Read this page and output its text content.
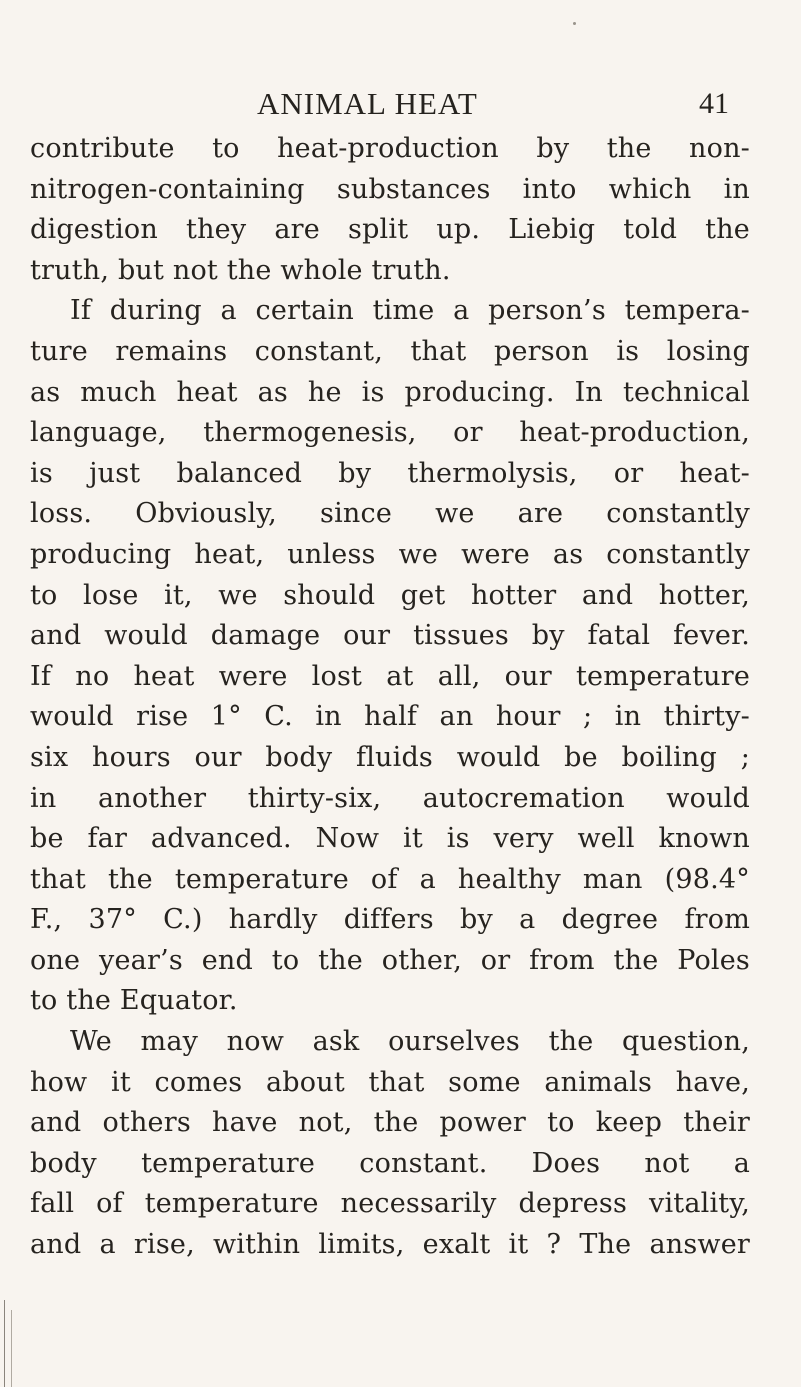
ANIMAL HEAT	41
contribute to heat-production by the non-
nitrogen-containing substances into which in
digestion they are split up. Liebig told the
truth, but not the whole truth.
If during a certain time a person’s tempera-
ture remains constant, that person is losing
as much heat as he is producing. In technical
language, thermogenesis, or heat-production,
is just balanced by thermolysis, or heat-
loss. Obviously, since we are constantly
producing heat, unless we were as constantly
to lose it, we should get hotter and hotter,
and would damage our tissues by fatal fever.
If no heat were lost at all, our temperature
would rise 1° C. in half an hour ; in thirty-
six hours our body fluids would be boiling ;
in another thirty-six, autocremation would
be far advanced. Now it is very well known
that the temperature of a healthy man (98.4°
F., 37° C.) hardly differs by a degree from
one year’s end to the other, or from the Poles
to the Equator.
We may now ask ourselves the question,
how it comes about that some animals have,
and others have not, the power to keep their
body temperature constant. Does not a
fall of temperature necessarily depress vitality,
and a rise, within limits, exalt it ? The answer
